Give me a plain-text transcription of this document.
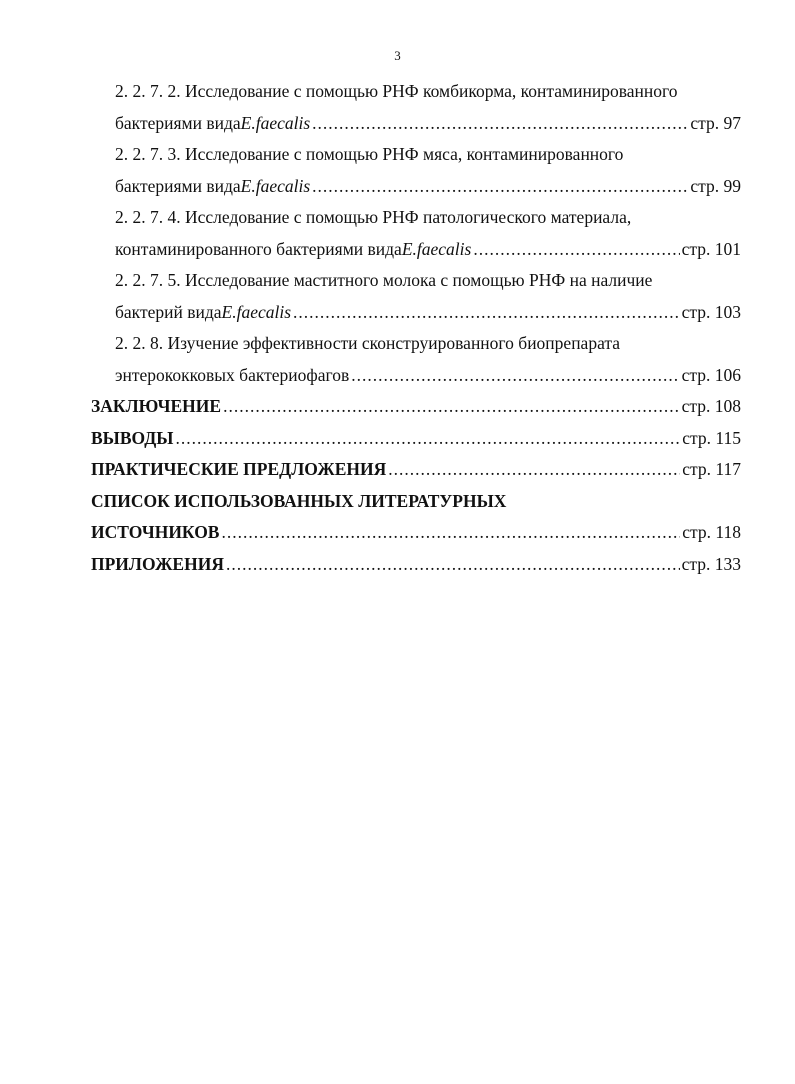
3
2. 2. 7. 2. Исследование с помощью РНФ комбикорма, контаминированного
бактериями вида E.faecalis .....	стр. 97
2. 2. 7. 3. Исследование с помощью РНФ мяса, контаминированного
бактериями вида E.faecalis .....	стр. 99
2. 2. 7. 4. Исследование с помощью РНФ патологического материала,
контаминированного бактериями вида E.faecalis .....	стр. 101
2. 2. 7. 5. Исследование маститного молока с помощью РНФ на наличие
бактерий вида E.faecalis .....	стр. 103
2. 2. 8. Изучение эффективности сконструированного биопрепарата
энтерококковых бактериофагов .....	стр. 106
ЗАКЛЮЧЕНИЕ .....	стр. 108
ВЫВОДЫ .....	стр. 115
ПРАКТИЧЕСКИЕ ПРЕДЛОЖЕНИЯ .....	стр. 117
СПИСОК ИСПОЛЬЗОВАННЫХ ЛИТЕРАТУРНЫХ
ИСТОЧНИКОВ .....	стр. 118
ПРИЛОЖЕНИЯ .....	стр. 133
